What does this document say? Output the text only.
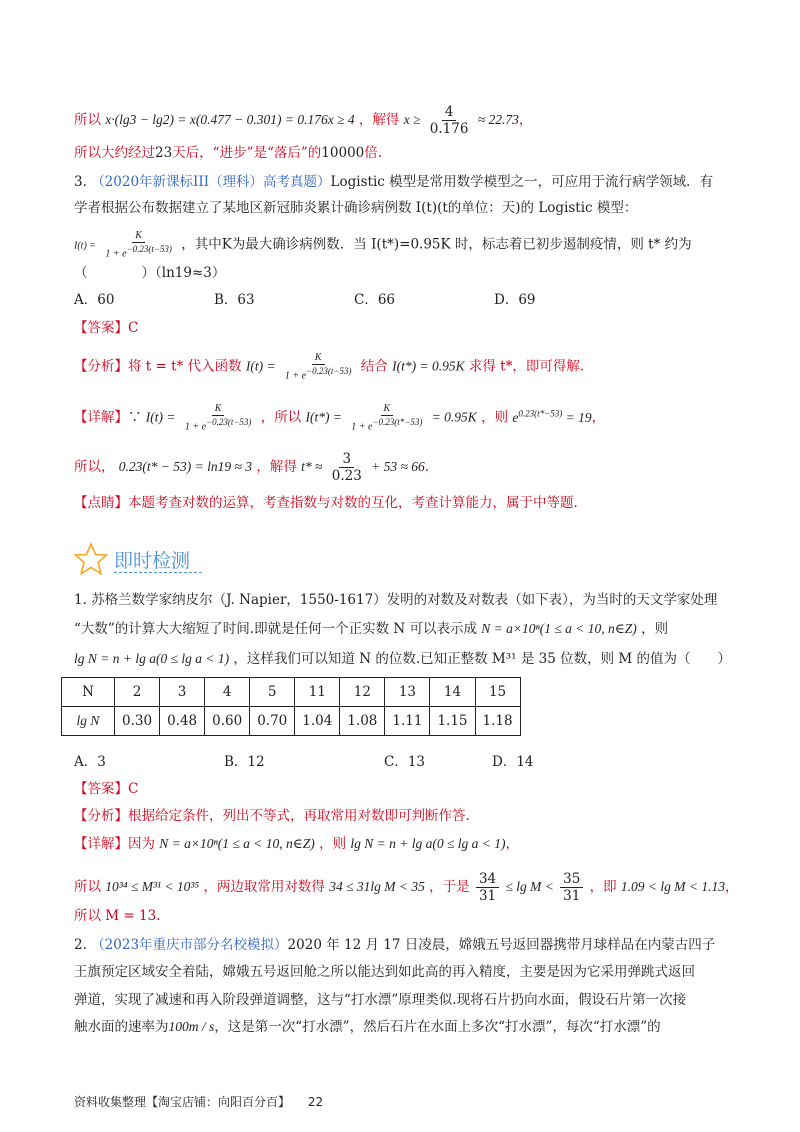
所以 x·(lg3 − lg2) = x(0.477 − 0.301) = 0.176x ≥ 4 ，解得 $x \ge \frac{4}{0.176} \approx 22.73$，
所以大约经过23天后，“进步”是“落后”的10000倍.
3. （2020年新课标III（理科）高考真题）Logistic 模型是常用数学模型之一，可应用于流行病学领域．有
学者根据公布数据建立了某地区新冠肺炎累计确诊病例数 I(t)(t的单位：天)的 Logistic 模型：
$I(t) = \frac{K}{1 + e^{-0.23(t-53)}}$ ，其中K为最大确诊病例数．当 I(t*)=0.95K 时，标志着已初步遏制疫情，则 t* 约为
（　　　　）（ln19≈3）
A．60	B．63	C．66	D．69
【答案】C
【分析】将 t = t* 代入函数 $I(t) = \frac{K}{1 + e^{-0.23(t-53)}}$ 结合 I(t*) = 0.95K 求得 t*，即可得解.
【详解】∵ $I(t) = \frac{K}{1 + e^{-0.23(t-53)}}$ ，所以 $I(t*) = \frac{K}{1 + e^{-0.23(t*-53)}} = 0.95K$ ，则 $e^{0.23(t*-53)} = 19$，
所以， 0.23(t* − 53) = ln19 ≈ 3 ，解得 $t* \approx \frac{3}{0.23} + 53 \approx 66$.
【点睛】本题考查对数的运算，考查指数与对数的互化，考查计算能力，属于中等题.
即时检测
1. 苏格兰数学家纳皮尔（J. Napier，1550-1617）发明的对数及对数表（如下表），为当时的天文学家处理
“大数”的计算大大缩短了时间.即就是任何一个正实数 N 可以表示成 N = a×10ⁿ(1 ≤ a < 10, n∈Z) ，则
lg N = n + lg a(0 ≤ lg a < 1) ，这样我们可以知道 N 的位数.已知正整数 M³¹ 是 35 位数，则 M 的值为（　　）
N	2	3	4	5	11	12	13	14	15
lg N	0.30	0.48	0.60	0.70	1.04	1.08	1.11	1.15	1.18
A．3	B．12	C．13	D．14
【答案】C
【分析】根据给定条件，列出不等式，再取常用对数即可判断作答.
【详解】因为 N = a×10ⁿ(1 ≤ a < 10, n∈Z) ，则 lg N = n + lg a(0 ≤ lg a < 1)，
所以 10³⁴ ≤ M³¹ < 10³⁵ ，两边取常用对数得 34 ≤ 31lg M < 35 ，于是 $\frac{34}{31} \le \lg M < \frac{35}{31}$ ，即 1.09 < lg M < 1.13，
所以 M = 13.
2. （2023年重庆市部分名校模拟）2020 年 12 月 17 日凌晨，嫦娥五号返回器携带月球样品在内蒙古四子
王旗预定区域安全着陆，嫦娥五号返回舱之所以能达到如此高的再入精度，主要是因为它采用弹跳式返回
弹道，实现了减速和再入阶段弹道调整，这与“打水漂”原理类似.现将石片扔向水面，假设石片第一次接
触水面的速率为100m / s，这是第一次“打水漂”，然后石片在水面上多次“打水漂”，每次“打水漂”的
资料收集整理【淘宝店铺：向阳百分百】 22
